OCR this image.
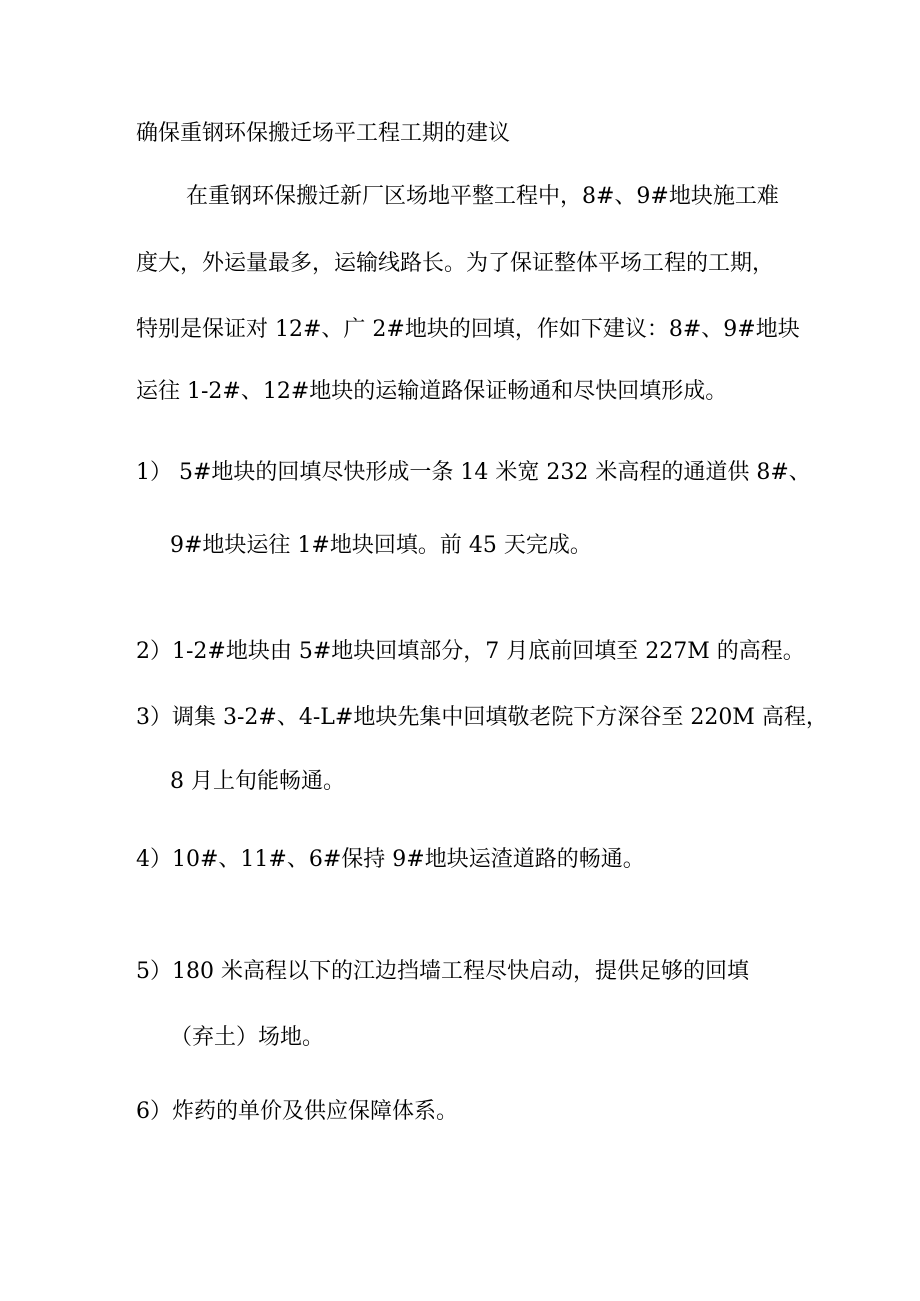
确保重钢环保搬迁场平工程工期的建议
在重钢环保搬迁新厂区场地平整工程中，8#、9#地块施工难
度大，外运量最多，运输线路长。为了保证整体平场工程的工期，
特别是保证对 12#、广 2#地块的回填，作如下建议：8#、9#地块
运往 1-2#、12#地块的运输道路保证畅通和尽快回填形成。
1） 5#地块的回填尽快形成一条 14 米宽 232 米高程的通道供 8#、
9#地块运往 1#地块回填。前 45 天完成。
2）1-2#地块由 5#地块回填部分，7 月底前回填至 227M 的高程。
3）调集 3-2#、4-L#地块先集中回填敬老院下方深谷至 220M 高程，
8 月上旬能畅通。
4）10#、11#、6#保持 9#地块运渣道路的畅通。
5）180 米高程以下的江边挡墙工程尽快启动，提供足够的回填
（弃土）场地。
6）炸药的单价及供应保障体系。
